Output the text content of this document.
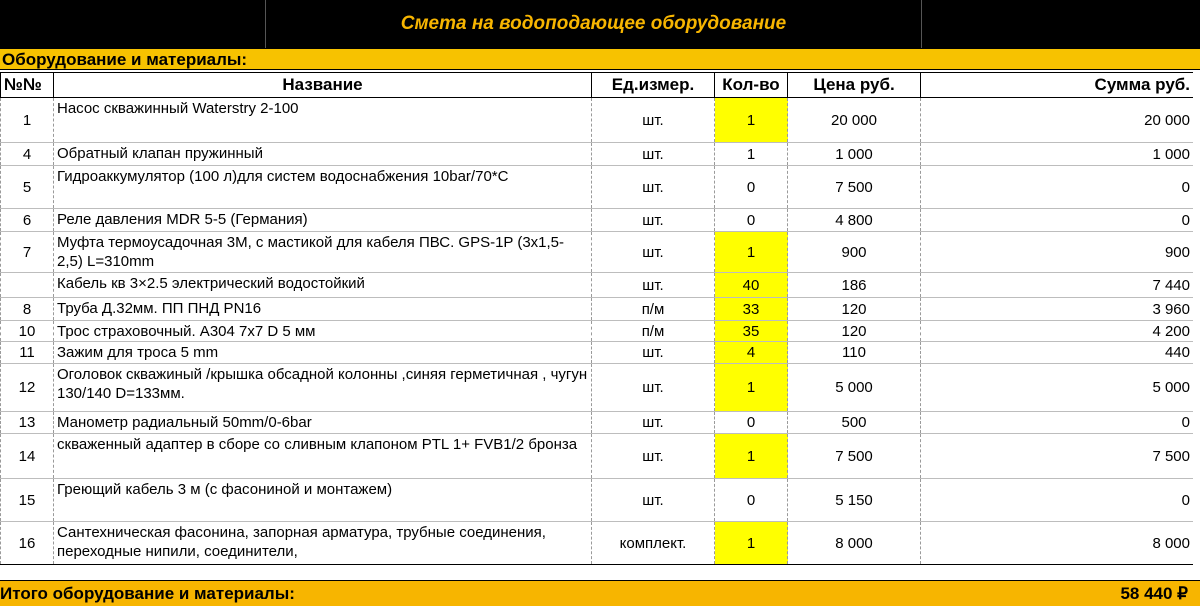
Смета на водоподающее оборудование
Оборудование и материалы:
№№	Название	Ед.измер.	Кол-во	Цена руб.	Сумма руб.
1	Насос скважинный Waterstry 2-100	шт.	1	20 000	20 000
4	Обратный клапан пружинный	шт.	1	1 000	1 000
5	Гидроаккумулятор (100 л)для систем водоснабжения 10bar/70*С	шт.	0	7 500	0
6	Реле давления MDR 5-5 (Германия)	шт.	0	4 800	0
7	Муфта термоусадочная 3М, с мастикой для кабеля ПВС. GPS-1P (3х1,5-2,5) L=310mm	шт.	1	900	900
	Кабель кв 3×2.5 электрический водостойкий	шт.	40	186	7 440
8	Труба Д.32мм. ПП ПНД PN16	п/м	33	120	3 960
10	Трос страховочный. А304 7х7 D 5 мм	п/м	35	120	4 200
11	Зажим для троса 5 mm	шт.	4	110	440
12	Оголовок скважиный /крышка обсадной колонны ,синяя герметичная , чугун 130/140 D=133мм.	шт.	1	5 000	5 000
13	Манометр радиальный 50mm/0-6bar	шт.	0	500	0
14	скваженный адаптер в сборе со сливным клапоном PTL 1+ FVB1/2 бронза	шт.	1	7 500	7 500
15	Греющий кабель 3 м (с фасониной и монтажем)	шт.	0	5 150	0
16	Сантехническая фасонина, запорная арматура, трубные соединения, переходные нипили, соединители,	комплект.	1	8 000	8 000
Итого оборудование и материалы:	58 440 ₽
